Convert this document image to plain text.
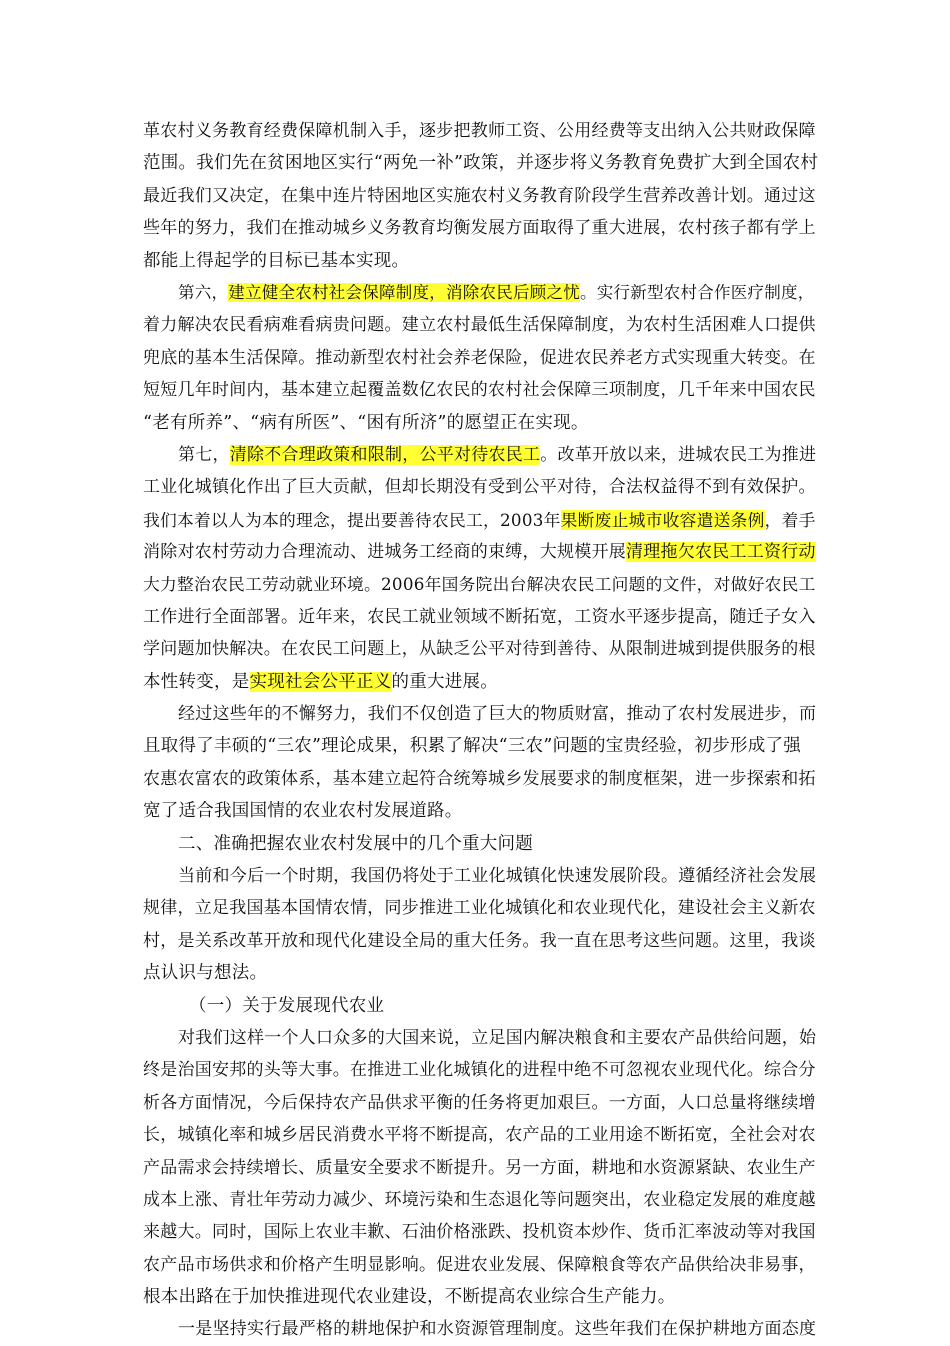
革农村义务教育经费保障机制入手，逐步把教师工资、公用经费等支出纳入公共财政保障
范围。我们先在贫困地区实行“两免一补”政策，并逐步将义务教育免费扩大到全国农村
最近我们又决定，在集中连片特困地区实施农村义务教育阶段学生营养改善计划。通过这
些年的努力，我们在推动城乡义务教育均衡发展方面取得了重大进展，农村孩子都有学上
都能上得起学的目标已基本实现。
第六，建立健全农村社会保障制度，消除农民后顾之忧。实行新型农村合作医疗制度，
着力解决农民看病难看病贵问题。建立农村最低生活保障制度，为农村生活困难人口提供
兜底的基本生活保障。推动新型农村社会养老保险，促进农民养老方式实现重大转变。在
短短几年时间内，基本建立起覆盖数亿农民的农村社会保障三项制度，几千年来中国农民
“老有所养”、“病有所医”、“困有所济”的愿望正在实现。
第七，清除不合理政策和限制，公平对待农民工。改革开放以来，进城农民工为推进
工业化城镇化作出了巨大贡献，但却长期没有受到公平对待，合法权益得不到有效保护。
我们本着以人为本的理念，提出要善待农民工，2003年果断废止城市收容遣送条例，着手
消除对农村劳动力合理流动、进城务工经商的束缚，大规模开展清理拖欠农民工工资行动
大力整治农民工劳动就业环境。2006年国务院出台解决农民工问题的文件，对做好农民工
工作进行全面部署。近年来，农民工就业领域不断拓宽，工资水平逐步提高，随迁子女入
学问题加快解决。在农民工问题上，从缺乏公平对待到善待、从限制进城到提供服务的根
本性转变，是实现社会公平正义的重大进展。
经过这些年的不懈努力，我们不仅创造了巨大的物质财富，推动了农村发展进步，而
且取得了丰硕的“三农”理论成果，积累了解决“三农”问题的宝贵经验，初步形成了强
农惠农富农的政策体系，基本建立起符合统筹城乡发展要求的制度框架，进一步探索和拓
宽了适合我国国情的农业农村发展道路。
二、准确把握农业农村发展中的几个重大问题
当前和今后一个时期，我国仍将处于工业化城镇化快速发展阶段。遵循经济社会发展
规律，立足我国基本国情农情，同步推进工业化城镇化和农业现代化，建设社会主义新农
村，是关系改革开放和现代化建设全局的重大任务。我一直在思考这些问题。这里，我谈
点认识与想法。
（一）关于发展现代农业
对我们这样一个人口众多的大国来说，立足国内解决粮食和主要农产品供给问题，始
终是治国安邦的头等大事。在推进工业化城镇化的进程中绝不可忽视农业现代化。综合分
析各方面情况，今后保持农产品供求平衡的任务将更加艰巨。一方面，人口总量将继续增
长，城镇化率和城乡居民消费水平将不断提高，农产品的工业用途不断拓宽，全社会对农
产品需求会持续增长、质量安全要求不断提升。另一方面，耕地和水资源紧缺、农业生产
成本上涨、青壮年劳动力减少、环境污染和生态退化等问题突出，农业稳定发展的难度越
来越大。同时，国际上农业丰歉、石油价格涨跌、投机资本炒作、货币汇率波动等对我国
农产品市场供求和价格产生明显影响。促进农业发展、保障粮食等农产品供给决非易事，
根本出路在于加快推进现代农业建设，不断提高农业综合生产能力。
一是坚持实行最严格的耕地保护和水资源管理制度。这些年我们在保护耕地方面态度
